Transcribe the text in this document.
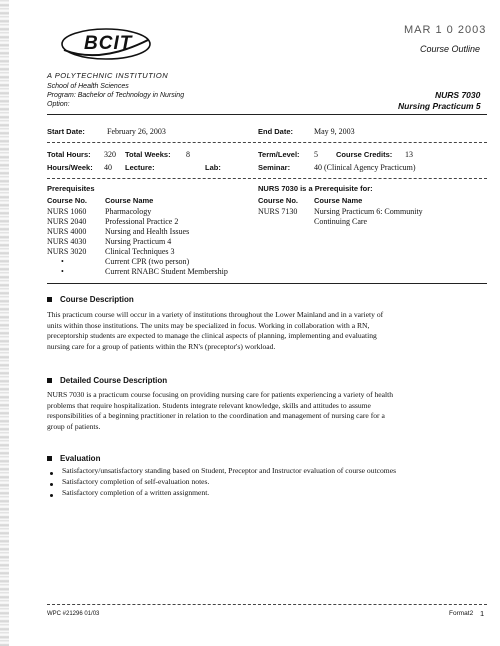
MAR 1 0 2003
BCIT
A POLYTECHNIC INSTITUTION
Course Outline
School of Health Sciences
Program: Bachelor of Technology in Nursing
Option:
NURS 7030
Nursing Practicum 5
Start Date:	February 26, 2003	End Date:	May 9, 2003
Total Hours: 320 Total Weeks: 8	Term/Level: 5 Course Credits: 13
Hours/Week: 40 Lecture:	Lab:	Seminar:	40 (Clinical Agency Practicum)
Prerequisites
Course No. Course Name
NURS 1060 Pharmacology
NURS 2040 Professional Practice 2
NURS 4000 Nursing and Health Issues
NURS 4030 Nursing Practicum 4
NURS 3020 Clinical Techniques 3
•	Current CPR (two person)
•	Current RNABC Student Membership
NURS 7030 is a Prerequisite for:
Course No. Course Name
NURS 7130 Nursing Practicum 6: Community
Continuing Care
Course Description
This practicum course will occur in a variety of institutions throughout the Lower Mainland and in a variety of
units within those institutions. The units may be specialized in focus. Working in collaboration with a RN,
preceptorship students are expected to manage the clinical aspects of planning, implementing and evaluating
nursing care for a group of patients within the RN's (preceptor's) workload.
Detailed Course Description
NURS 7030 is a practicum course focusing on providing nursing care for patients experiencing a variety of health
problems that require hospitalization. Students integrate relevant knowledge, skills and attitudes to assume
responsibilities of a beginning practitioner in relation to the coordination and management of nursing care for a
group of patients.
Evaluation
Satisfactory/unsatisfactory standing based on Student, Preceptor and Instructor evaluation of course outcomes
Satisfactory completion of self-evaluation notes.
Satisfactory completion of a written assignment.
WPC #21296 01/03	Format2 1
